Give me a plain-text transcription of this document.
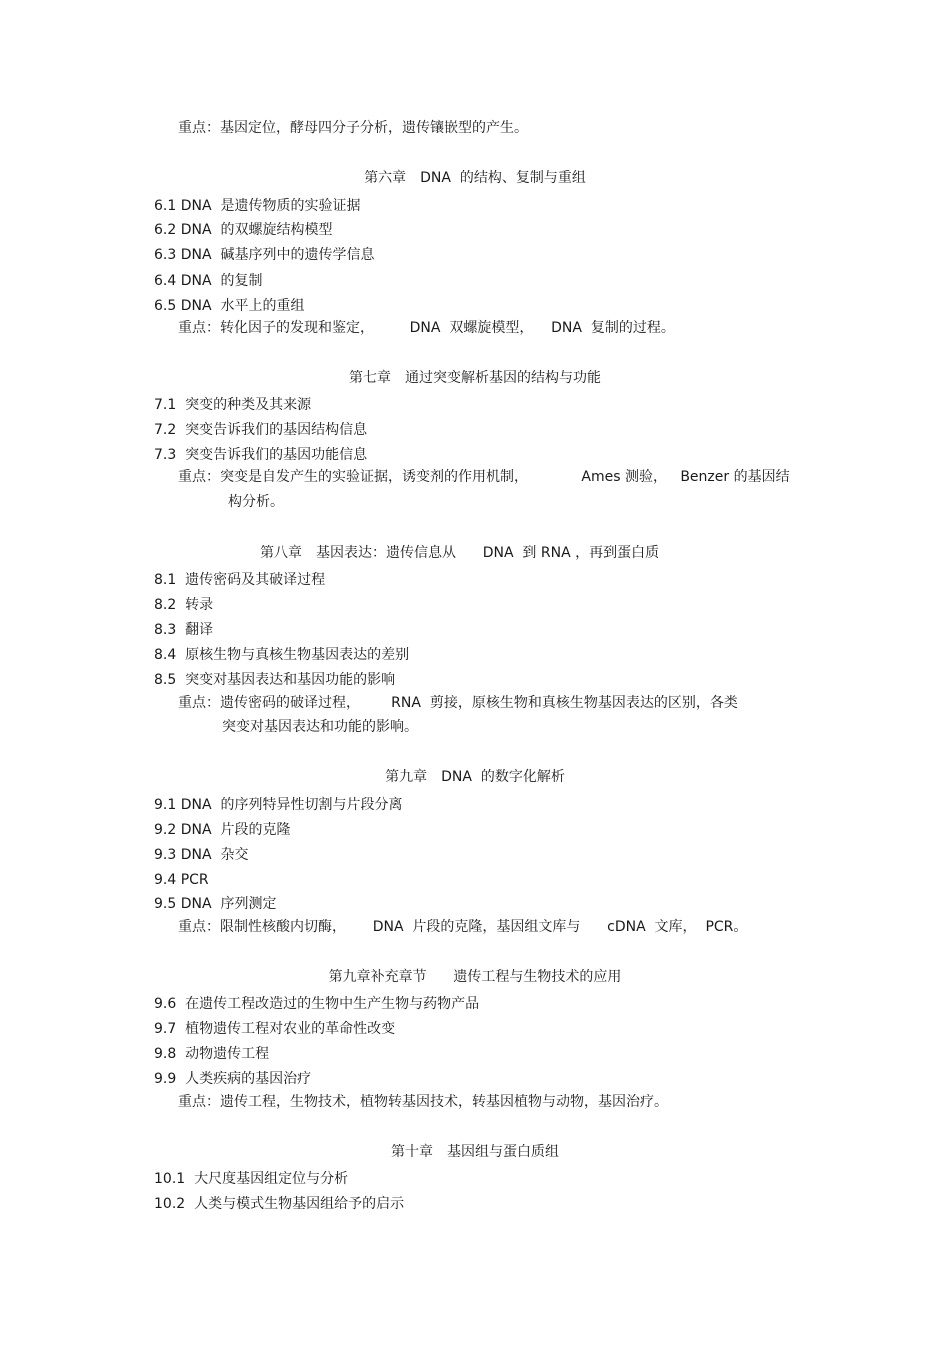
重点：基因定位，酵母四分子分析，遗传镶嵌型的产生。
第六章　DNA  的结构、复制与重组
6.1 DNA  是遗传物质的实验证据
6.2 DNA  的双螺旋结构模型
6.3 DNA  碱基序列中的遗传学信息
6.4 DNA  的复制
6.5 DNA  水平上的重组
重点：转化因子的发现和鉴定，        DNA  双螺旋模型，    DNA  复制的过程。
第七章　通过突变解析基因的结构与功能
7.1  突变的种类及其来源
7.2  突变告诉我们的基因结构信息
7.3  突变告诉我们的基因功能信息
重点：突变是自发产生的实验证据，诱变剂的作用机制，            Ames 测验，   Benzer 的基因结
构分析。
第八章　基因表达：遗传信息从      DNA  到 RNA ，再到蛋白质
8.1  遗传密码及其破译过程
8.2  转录
8.3  翻译
8.4  原核生物与真核生物基因表达的差别
8.5  突变对基因表达和基因功能的影响
重点：遗传密码的破译过程，       RNA  剪接，原核生物和真核生物基因表达的区别，各类
突变对基因表达和功能的影响。
第九章　DNA  的数字化解析
9.1 DNA  的序列特异性切割与片段分离
9.2 DNA  片段的克隆
9.3 DNA  杂交
9.4 PCR
9.5 DNA  序列测定
重点：限制性核酸内切酶，      DNA  片段的克隆，基因组文库与      cDNA  文库，  PCR。
第九章补充章节      遗传工程与生物技术的应用
9.6  在遗传工程改造过的生物中生产生物与药物产品
9.7  植物遗传工程对农业的革命性改变
9.8  动物遗传工程
9.9  人类疾病的基因治疗
重点：遗传工程，生物技术，植物转基因技术，转基因植物与动物，基因治疗。
第十章　基因组与蛋白质组
10.1  大尺度基因组定位与分析
10.2  人类与模式生物基因组给予的启示
